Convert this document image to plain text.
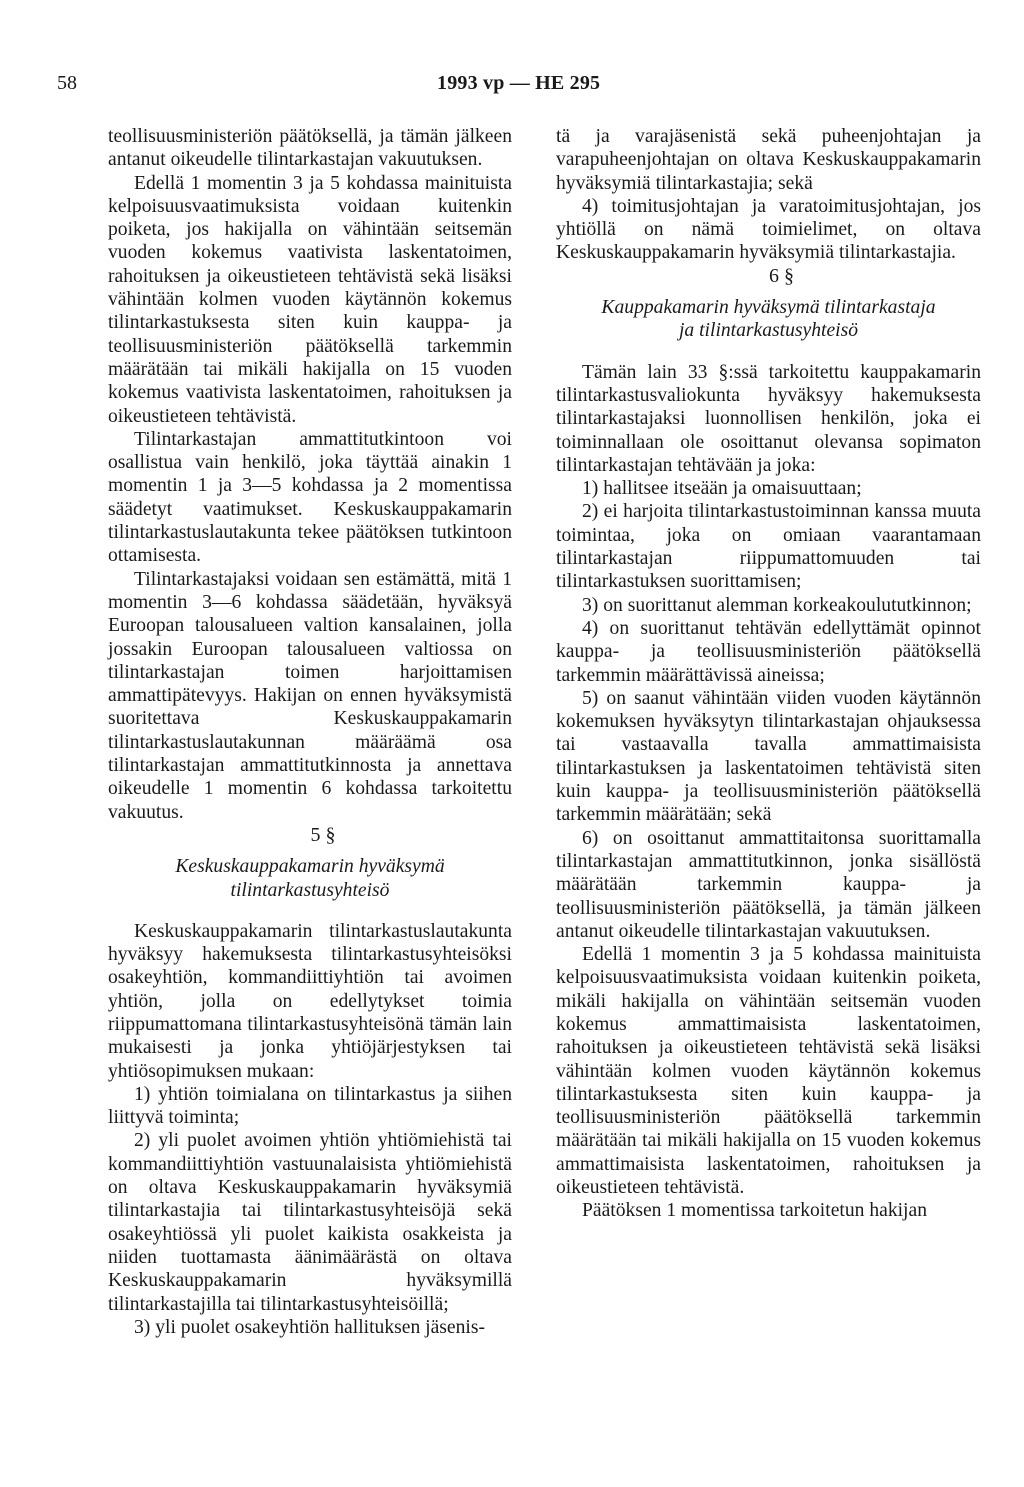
58	1993 vp — HE 295

teollisuusministeriön päätöksellä, ja tämän jälkeen antanut oikeudelle tilintarkastajan vakuutuksen.

Edellä 1 momentin 3 ja 5 kohdassa mainituista kelpoisuusvaatimuksista voidaan kuitenkin poiketa, jos hakijalla on vähintään seitsemän vuoden kokemus vaativista laskentatoimen, rahoituksen ja oikeustieteen tehtävistä sekä lisäksi vähintään kolmen vuoden käytännön kokemus tilintarkastuksesta siten kuin kauppa- ja teollisuusministeriön päätöksellä tarkemmin määrätään tai mikäli hakijalla on 15 vuoden kokemus vaativista laskentatoimen, rahoituksen ja oikeustieteen tehtävistä.

Tilintarkastajan ammattitutkintoon voi osallistua vain henkilö, joka täyttää ainakin 1 momentin 1 ja 3—5 kohdassa ja 2 momentissa säädetyt vaatimukset. Keskuskauppakamarin tilintarkastuslautakunta tekee päätöksen tutkintoon ottamisesta.

Tilintarkastajaksi voidaan sen estämättä, mitä 1 momentin 3—6 kohdassa säädetään, hyväksyä Euroopan talousalueen valtion kansalainen, jolla jossakin Euroopan talousalueen valtiossa on tilintarkastajan toimen harjoittamisen ammattipätevyys. Hakijan on ennen hyväksymistä suoritettava Keskuskauppakamarin tilintarkastuslautakunnan määräämä osa tilintarkastajan ammattitutkinnosta ja annettava oikeudelle 1 momentin 6 kohdassa tarkoitettu vakuutus.

5 §

Keskuskauppakamarin hyväksymä
tilintarkastusyhteisö

Keskuskauppakamarin tilintarkastuslautakunta hyväksyy hakemuksesta tilintarkastusyhteisöksi osakeyhtiön, kommandiittiyhtiön tai avoimen yhtiön, jolla on edellytykset toimia riippumattomana tilintarkastusyhteisönä tämän lain mukaisesti ja jonka yhtiöjärjestyksen tai yhtiösopimuksen mukaan:

1) yhtiön toimialana on tilintarkastus ja siihen liittyvä toiminta;

2) yli puolet avoimen yhtiön yhtiömiehistä tai kommandiittiyhtiön vastuunalaisista yhtiömiehistä on oltava Keskuskauppakamarin hyväksymiä tilintarkastajia tai tilintarkastusyhteisöjä sekä osakeyhtiössä yli puolet kaikista osakkeista ja niiden tuottamasta äänimäärästä on oltava Keskuskauppakamarin hyväksymillä tilintarkastajilla tai tilintarkastusyhteisöillä;

3) yli puolet osakeyhtiön hallituksen jäsenis-

tä ja varajäsenistä sekä puheenjohtajan ja varapuheenjohtajan on oltava Keskuskauppakamarin hyväksymiä tilintarkastajia; sekä

4) toimitusjohtajan ja varatoimitusjohtajan, jos yhtiöllä on nämä toimielimet, on oltava Keskuskauppakamarin hyväksymiä tilintarkastajia.

6 §

Kauppakamarin hyväksymä tilintarkastaja
ja tilintarkastusyhteisö

Tämän lain 33 §:ssä tarkoitettu kauppakamarin tilintarkastusvaliokunta hyväksyy hakemuksesta tilintarkastajaksi luonnollisen henkilön, joka ei toiminnallaan ole osoittanut olevansa sopimaton tilintarkastajan tehtävään ja joka:

1) hallitsee itseään ja omaisuuttaan;

2) ei harjoita tilintarkastustoiminnan kanssa muuta toimintaa, joka on omiaan vaarantamaan tilintarkastajan riippumattomuuden tai tilintarkastuksen suorittamisen;

3) on suorittanut alemman korkeakoulututkinnon;

4) on suorittanut tehtävän edellyttämät opinnot kauppa- ja teollisuusministeriön päätöksellä tarkemmin määrättävissä aineissa;

5) on saanut vähintään viiden vuoden käytännön kokemuksen hyväksytyn tilintarkastajan ohjauksessa tai vastaavalla tavalla ammattimaisista tilintarkastuksen ja laskentatoimen tehtävistä siten kuin kauppa- ja teollisuusministeriön päätöksellä tarkemmin määrätään; sekä

6) on osoittanut ammattitaitonsa suorittamalla tilintarkastajan ammattitutkinnon, jonka sisällöstä määrätään tarkemmin kauppa- ja teollisuusministeriön päätöksellä, ja tämän jälkeen antanut oikeudelle tilintarkastajan vakuutuksen.

Edellä 1 momentin 3 ja 5 kohdassa mainituista kelpoisuusvaatimuksista voidaan kuitenkin poiketa, mikäli hakijalla on vähintään seitsemän vuoden kokemus ammattimaisista laskentatoimen, rahoituksen ja oikeustieteen tehtävistä sekä lisäksi vähintään kolmen vuoden käytännön kokemus tilintarkastuksesta siten kuin kauppa- ja teollisuusministeriön päätöksellä tarkemmin määrätään tai mikäli hakijalla on 15 vuoden kokemus ammattimaisista laskentatoimen, rahoituksen ja oikeustieteen tehtävistä.

Päätöksen 1 momentissa tarkoitetun hakijan
